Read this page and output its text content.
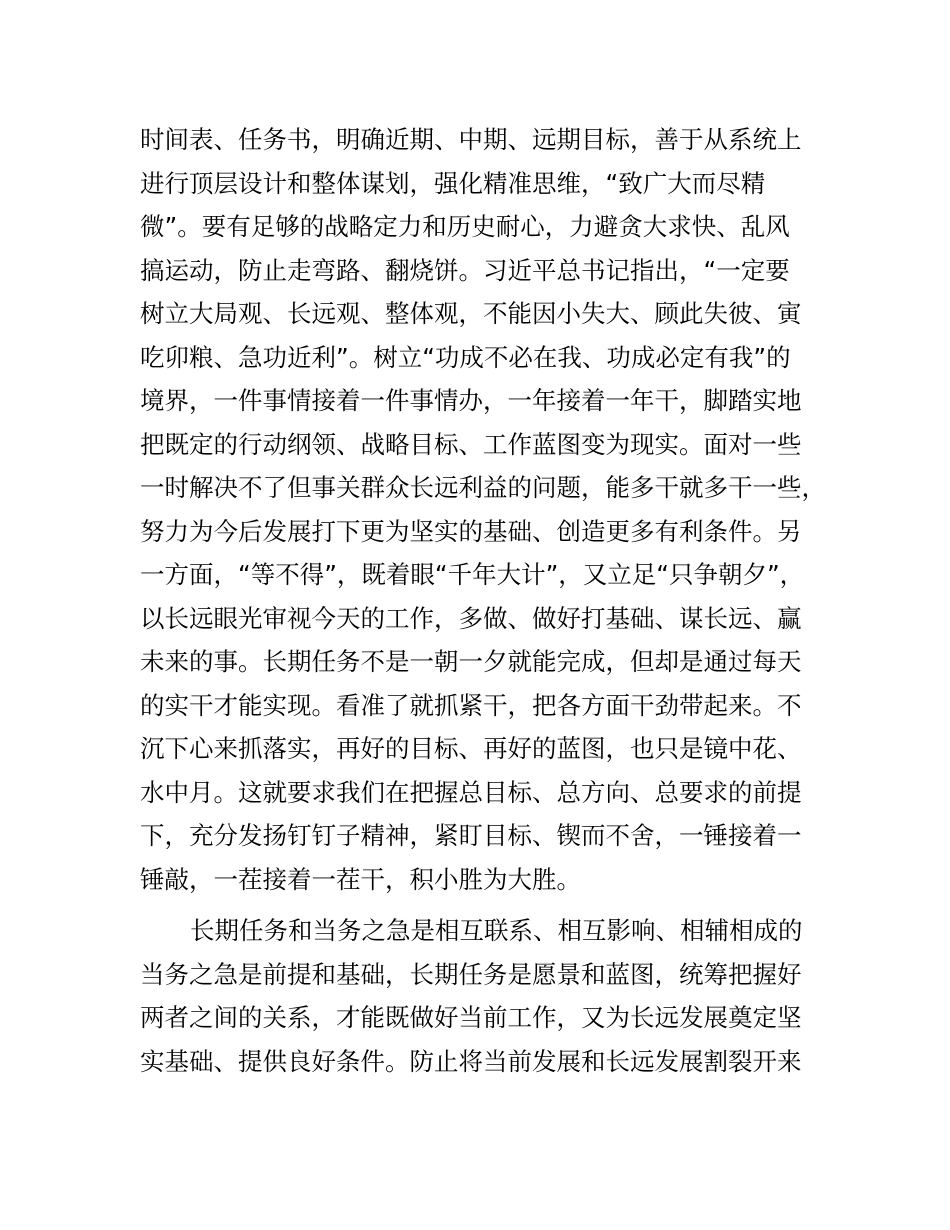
时间表、任务书，明确近期、中期、远期目标，善于从系统上
进行顶层设计和整体谋划，强化精准思维，“致广大而尽精
微”。要有足够的战略定力和历史耐心，力避贪大求快、乱风
搞运动，防止走弯路、翻烧饼。习近平总书记指出，“一定要
树立大局观、长远观、整体观，不能因小失大、顾此失彼、寅
吃卯粮、急功近利”。树立“功成不必在我、功成必定有我”的
境界，一件事情接着一件事情办，一年接着一年干，脚踏实地
把既定的行动纲领、战略目标、工作蓝图变为现实。面对一些
一时解决不了但事关群众长远利益的问题，能多干就多干一些，
努力为今后发展打下更为坚实的基础、创造更多有利条件。另
一方面，“等不得”，既着眼“千年大计”，又立足“只争朝夕”，
以长远眼光审视今天的工作，多做、做好打基础、谋长远、赢
未来的事。长期任务不是一朝一夕就能完成，但却是通过每天
的实干才能实现。看准了就抓紧干，把各方面干劲带起来。不
沉下心来抓落实，再好的目标、再好的蓝图，也只是镜中花、
水中月。这就要求我们在把握总目标、总方向、总要求的前提
下，充分发扬钉钉子精神，紧盯目标、锲而不舍，一锤接着一
锤敲，一茬接着一茬干，积小胜为大胜。
长期任务和当务之急是相互联系、相互影响、相辅相成的
当务之急是前提和基础，长期任务是愿景和蓝图，统筹把握好
两者之间的关系，才能既做好当前工作，又为长远发展奠定坚
实基础、提供良好条件。防止将当前发展和长远发展割裂开来
